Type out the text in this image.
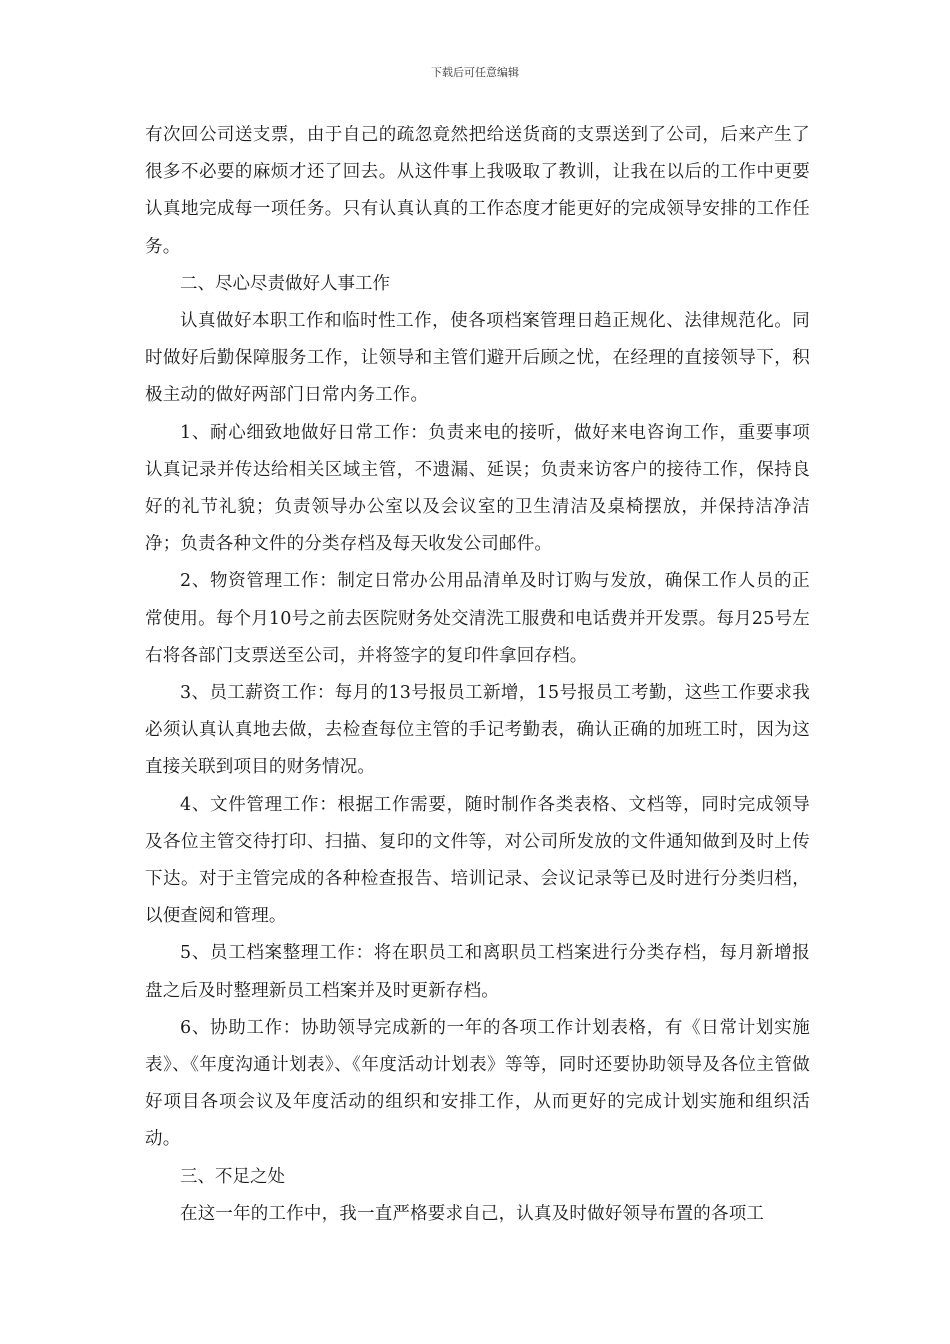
下载后可任意编辑

有次回公司送支票，由于自己的疏忽竟然把给送货商的支票送到了公司，后来产生了很多不必要的麻烦才还了回去。从这件事上我吸取了教训，让我在以后的工作中更要认真地完成每一项任务。只有认真认真的工作态度才能更好的完成领导安排的工作任务。

二、尽心尽责做好人事工作

认真做好本职工作和临时性工作，使各项档案管理日趋正规化、法律规范化。同时做好后勤保障服务工作，让领导和主管们避开后顾之忧，在经理的直接领导下，积极主动的做好两部门日常内务工作。

1、耐心细致地做好日常工作：负责来电的接听，做好来电咨询工作，重要事项认真记录并传达给相关区域主管，不遗漏、延误；负责来访客户的接待工作，保持良好的礼节礼貌；负责领导办公室以及会议室的卫生清洁及桌椅摆放，并保持洁净洁净；负责各种文件的分类存档及每天收发公司邮件。

2、物资管理工作：制定日常办公用品清单及时订购与发放，确保工作人员的正常使用。每个月10号之前去医院财务处交清洗工服费和电话费并开发票。每月25号左右将各部门支票送至公司，并将签字的复印件拿回存档。

3、员工薪资工作：每月的13号报员工新增，15号报员工考勤，这些工作要求我必须认真认真地去做，去检查每位主管的手记考勤表，确认正确的加班工时，因为这直接关联到项目的财务情况。

4、文件管理工作：根据工作需要，随时制作各类表格、文档等，同时完成领导及各位主管交待打印、扫描、复印的文件等，对公司所发放的文件通知做到及时上传下达。对于主管完成的各种检查报告、培训记录、会议记录等已及时进行分类归档，以便查阅和管理。

5、员工档案整理工作：将在职员工和离职员工档案进行分类存档，每月新增报盘之后及时整理新员工档案并及时更新存档。

6、协助工作：协助领导完成新的一年的各项工作计划表格，有《日常计划实施表》、《年度沟通计划表》、《年度活动计划表》等等，同时还要协助领导及各位主管做好项目各项会议及年度活动的组织和安排工作，从而更好的完成计划实施和组织活动。

三、不足之处

在这一年的工作中，我一直严格要求自己，认真及时做好领导布置的各项工
